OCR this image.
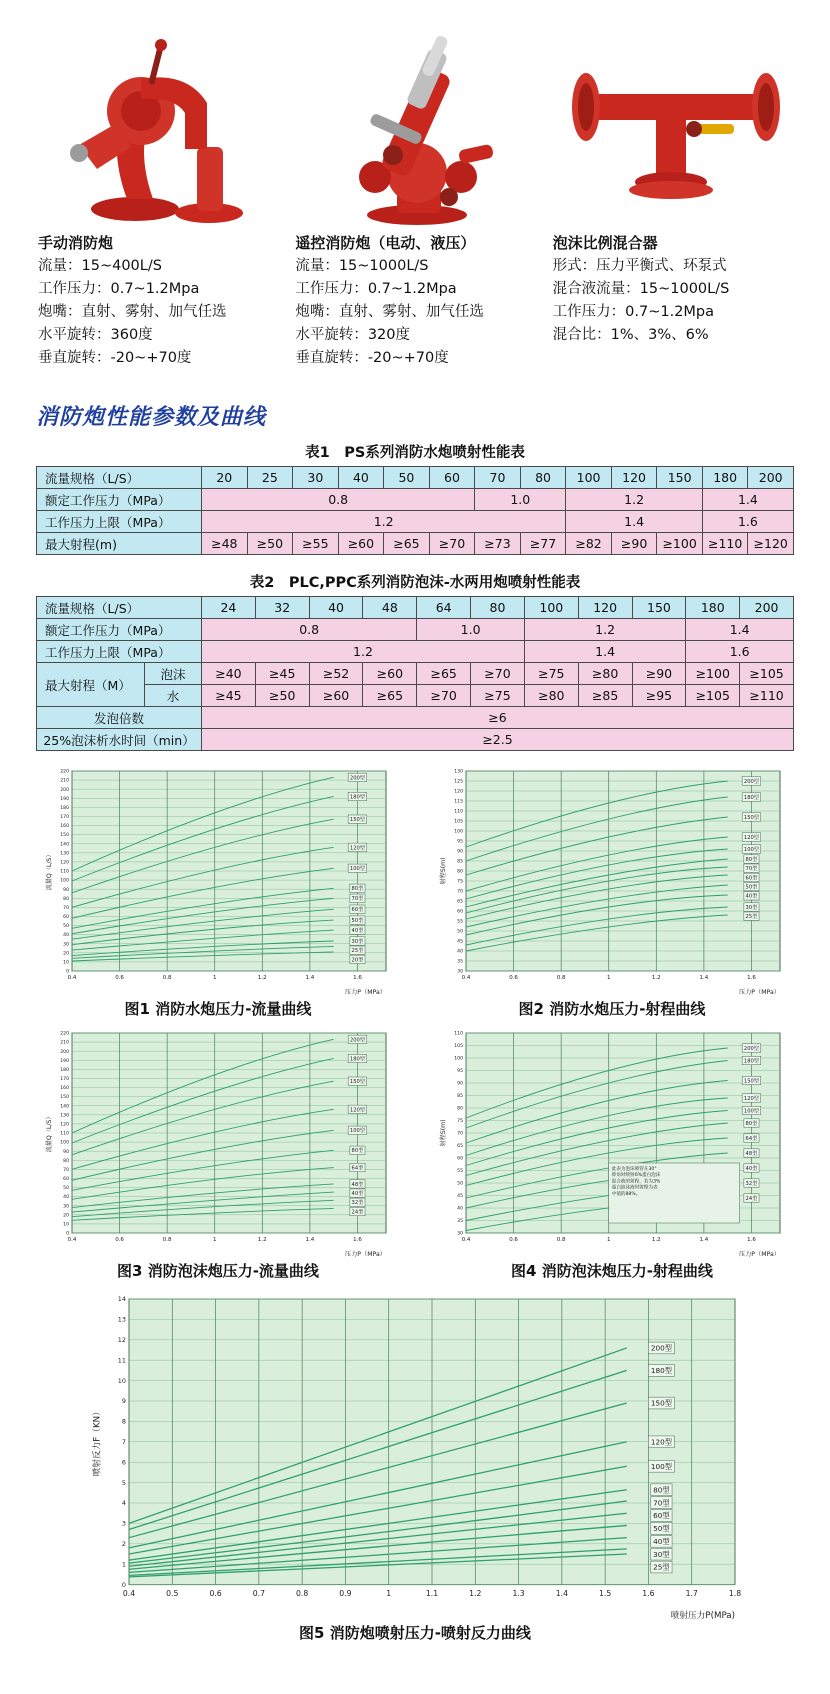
手动消防炮
流量：15~400L/S
工作压力：0.7~1.2Mpa
炮嘴：直射、雾射、加气任选
水平旋转：360度
垂直旋转：-20~+70度
遥控消防炮（电动、液压）
流量：15~1000L/S
工作压力：0.7~1.2Mpa
炮嘴：直射、雾射、加气任选
水平旋转：320度
垂直旋转：-20~+70度
泡沫比例混合器
形式：压力平衡式、环泵式
混合液流量：15~1000L/S
工作压力：0.7~1.2Mpa
混合比：1%、3%、6%
消防炮性能参数及曲线
表1　PS系列消防水炮喷射性能表
流量规格（L/S）	20	25	30	40	50	60	70	80	100	120	150	180	200
额定工作压力（MPa）	0.8						1.0		1.2			1.4	
工作压力上限（MPa）	1.2								1.4			1.6	
最大射程(m)	≥48	≥50	≥55	≥60	≥65	≥70	≥73	≥77	≥82	≥90	≥100	≥110	≥120
表2　PLC,PPC系列消防泡沫-水两用炮喷射性能表
流量规格（L/S）		24	32	40	48	64	80	100	120	150	180	200
额定工作压力（MPa）		0.8				1.0		1.2			1.4	
工作压力上限（MPa）		1.2						1.4			1.6	
最大射程（M）	泡沫	≥40	≥45	≥52	≥60	≥65	≥70	≥75	≥80	≥90	≥100	≥105
	水	≥45	≥50	≥60	≥65	≥70	≥75	≥80	≥85	≥95	≥105	≥110
发泡倍数		≥6										
25%泡沫析水时间（min）		≥2.5										
0
10
20
30
40
50
60
70
80
90
100
110
120
130
140
150
160
170
180
190
200
210
220
0.4	0.6	0.8	1	1.2	1.4	1.6
流量Q（L/S）
压力P（MPa）
200型
180型
150型
120型
100型
80型
70型
60型
50型
40型
30型
25型
20型
图1 消防水炮压力-流量曲线
30
35
40
45
50
55
60
65
70
75
80
85
90
95
100
105
110
115
120
125
130
0.4	0.6	0.8	1	1.2	1.4	1.6
射程S(m)
压力P（MPa）
200型
180型
150型
120型
100型
80型
70型
60型
50型
40型
30型
25型
图2 消防水炮压力-射程曲线
0
10
20
30
40
50
60
70
80
90
100
110
120
130
140
150
160
170
180
190
200
210
220
0.4	0.6	0.8	1	1.2	1.4	1.6
流量Q（L/S）
压力P（MPa）
200型
180型
150型
120型
100型
80型
64型
48型
40型
32型
24型
图3 消防泡沫炮压力-流量曲线
30
35
40
45
50
55
60
65
70
75
80
85
90
95
100
105
110
0.4	0.6	0.8	1	1.2	1.4	1.6
射程S(m)
压力P（MPa）
200型
180型
150型
120型
100型
80型
64型
48型
40型
32型
24型
此表为泡沫喷管在30°
仰角时喷射6%蛋白泡沫
混合液的射程，若为3%
蛋白泡沫液时射程为表
中值的88%。
图4 消防泡沫炮压力-射程曲线
0
1
2
3
4
5
6
7
8
9
10
11
12
13
14
0.4	0.5	0.6	0.7	0.8	0.9	1	1.1	1.2	1.3	1.4	1.5	1.6	1.7	1.8
喷射反力F（KN）
喷射压力P(MPa)
200型
180型
150型
120型
100型
80型
70型
60型
50型
40型
30型
25型
图5 消防炮喷射压力-喷射反力曲线
